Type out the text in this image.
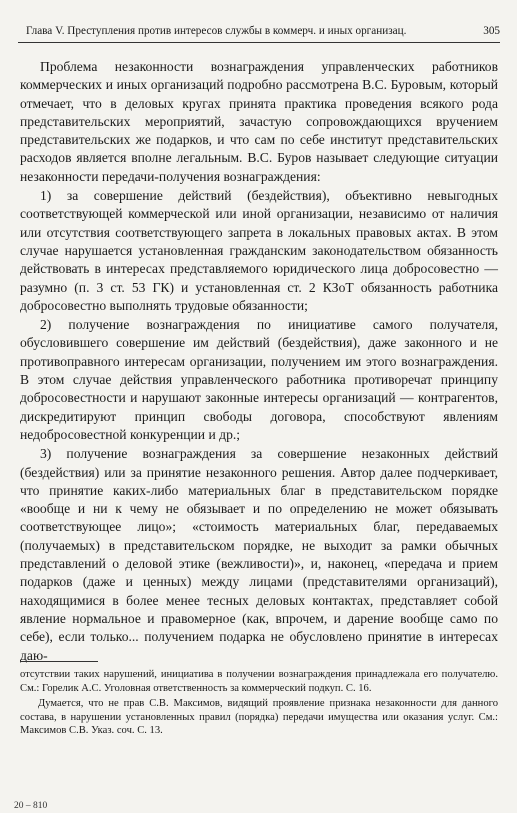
Глава V. Преступления против интересов службы в коммерч. и иных организац.	305

Проблема незаконности вознаграждения управленческих работников коммерческих и иных организаций подробно рассмотрена В.С. Буровым, который отмечает, что в деловых кругах принята практика проведения всякого рода представительских мероприятий, зачастую сопровождающихся вручением представительских же подарков, и что сам по себе институт представительских расходов является вполне легальным. В.С. Буров называет следующие ситуации незаконности передачи-получения вознаграждения:

1) за совершение действий (бездействия), объективно невыгодных соответствующей коммерческой или иной организации, независимо от наличия или отсутствия соответствующего запрета в локальных правовых актах. В этом случае нарушается установленная гражданским законодательством обязанность действовать в интересах представляемого юридического лица добросовестно — разумно (п. 3 ст. 53 ГК) и установленная ст. 2 КЗоТ обязанность работника добросовестно выполнять трудовые обязанности;

2) получение вознаграждения по инициативе самого получателя, обусловившего совершение им действий (бездействия), даже законного и не противоправного интересам организации, получением им этого вознаграждения. В этом случае действия управленческого работника противоречат принципу добросовестности и нарушают законные интересы организаций — контрагентов, дискредитируют принцип свободы договора, способствуют явлениям недобросовестной конкуренции и др.;

3) получение вознаграждения за совершение незаконных действий (бездействия) или за принятие незаконного решения. Автор далее подчеркивает, что принятие каких-либо материальных благ в представительском порядке «вообще и ни к чему не обязывает и по определению не может обязывать соответствующее лицо»; «стоимость материальных благ, передаваемых (получаемых) в представительском порядке, не выходит за рамки обычных представлений о деловой этике (вежливости)», и, наконец, «передача и прием подарков (даже и ценных) между лицами (представителями организаций), находящимися в более менее тесных деловых контактах, представляет собой явление нормальное и правомерное (как, впрочем, и дарение вообще само по себе), если только... получением подарка не обусловлено принятие в интересах даю-

отсутствии таких нарушений, инициатива в получении вознаграждения принадлежала его получателю. См.: Горелик А.С. Уголовная ответственность за коммерческий подкуп. С. 16.

Думается, что не прав С.В. Максимов, видящий проявление признака незаконности для данного состава, в нарушении установленных правил (порядка) передачи имущества или оказания услуг. См.: Максимов С.В. Указ. соч. С. 13.

20 – 810
